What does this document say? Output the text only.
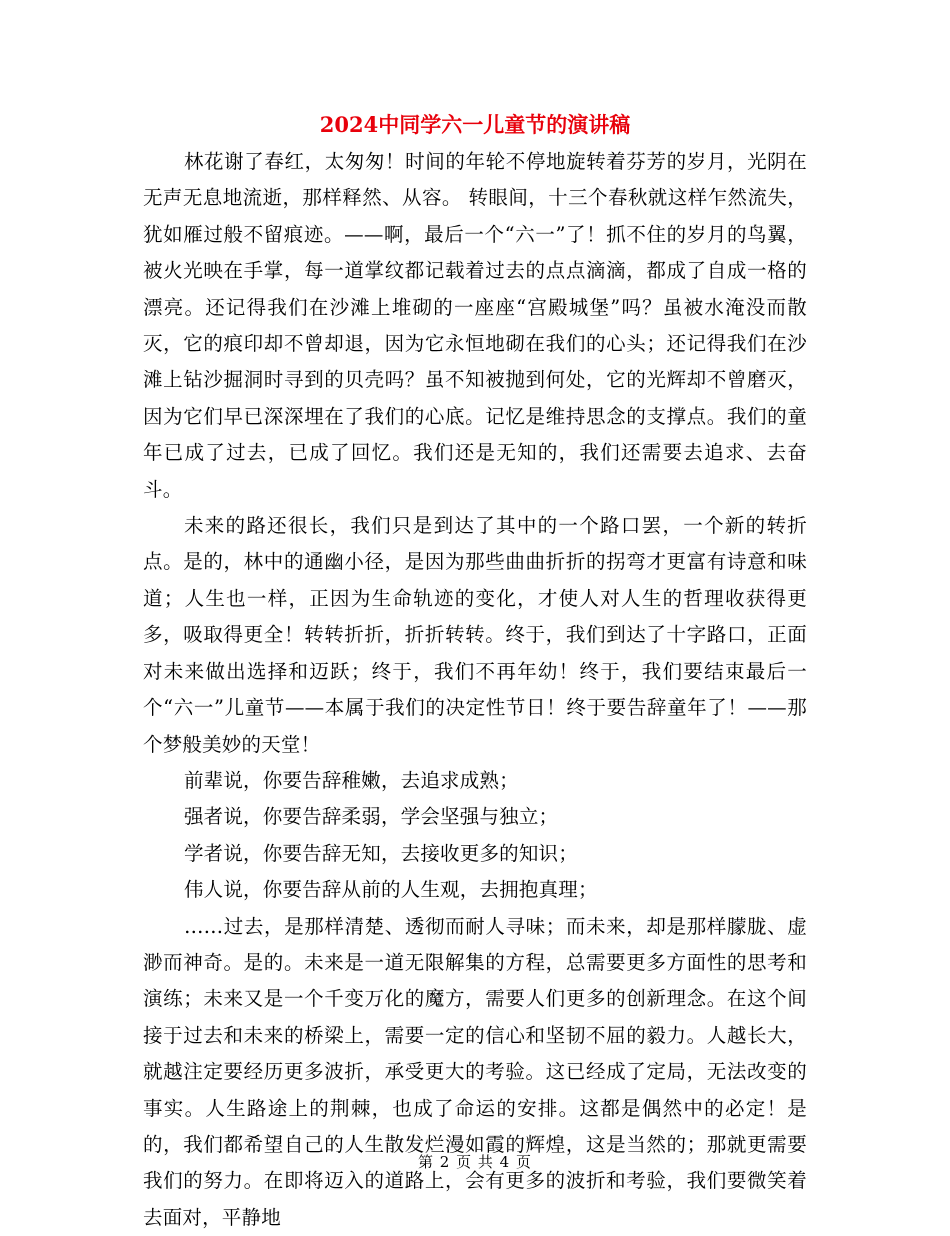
2024中同学六一儿童节的演讲稿

林花谢了春红，太匆匆！时间的年轮不停地旋转着芬芳的岁月，光阴在无声无息地流逝，那样释然、从容。 转眼间，十三个春秋就这样乍然流失，犹如雁过般不留痕迹。——啊，最后一个“六一”了！抓不住的岁月的鸟翼，被火光映在手掌，每一道掌纹都记载着过去的点点滴滴，都成了自成一格的漂亮。还记得我们在沙滩上堆砌的一座座“宫殿城堡”吗？虽被水淹没而散灭，它的痕印却不曾却退，因为它永恒地砌在我们的心头；还记得我们在沙滩上钻沙掘洞时寻到的贝壳吗？虽不知被抛到何处，它的光辉却不曾磨灭，因为它们早已深深埋在了我们的心底。记忆是维持思念的支撑点。我们的童年已成了过去，已成了回忆。我们还是无知的，我们还需要去追求、去奋斗。

未来的路还很长，我们只是到达了其中的一个路口罢，一个新的转折点。是的，林中的通幽小径，是因为那些曲曲折折的拐弯才更富有诗意和味道；人生也一样，正因为生命轨迹的变化，才使人对人生的哲理收获得更多，吸取得更全！转转折折，折折转转。终于，我们到达了十字路口，正面对未来做出选择和迈跃；终于，我们不再年幼！终于，我们要结束最后一个“六一”儿童节——本属于我们的决定性节日！终于要告辞童年了！——那个梦般美妙的天堂！

前辈说，你要告辞稚嫩，去追求成熟；

强者说，你要告辞柔弱，学会坚强与独立；

学者说，你要告辞无知，去接收更多的知识；

伟人说，你要告辞从前的人生观，去拥抱真理；

……过去，是那样清楚、透彻而耐人寻味；而未来，却是那样朦胧、虚渺而神奇。是的。未来是一道无限解集的方程，总需要更多方面性的思考和演练；未来又是一个千变万化的魔方，需要人们更多的创新理念。在这个间接于过去和未来的桥梁上，需要一定的信心和坚韧不屈的毅力。人越长大，就越注定要经历更多波折，承受更大的考验。这已经成了定局，无法改变的事实。人生路途上的荆棘，也成了命运的安排。这都是偶然中的必定！是的，我们都希望自己的人生散发烂漫如霞的辉煌，这是当然的；那就更需要我们的努力。在即将迈入的道路上，会有更多的波折和考验，我们要微笑着去面对，平静地

第 2 页 共 4 页
